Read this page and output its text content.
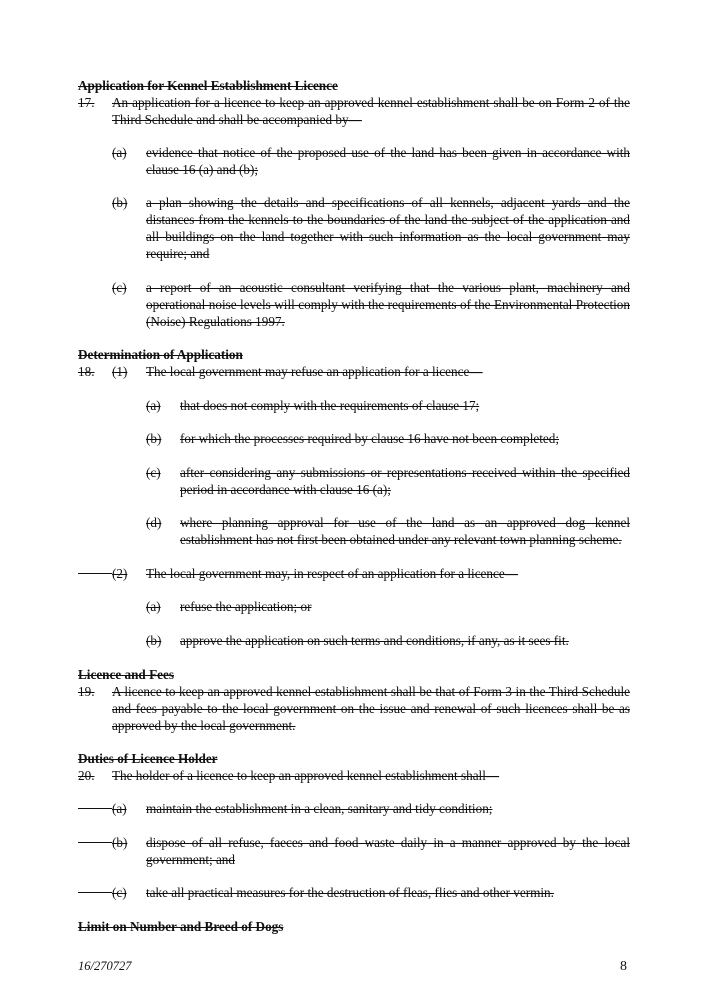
Application for Kennel Establishment Licence
17. An application for a licence to keep an approved kennel establishment shall be on Form 2 of the Third Schedule and shall be accompanied by—
(a) evidence that notice of the proposed use of the land has been given in accordance with clause 16 (a) and (b);
(b) a plan showing the details and specifications of all kennels, adjacent yards and the distances from the kennels to the boundaries of the land the subject of the application and all buildings on the land together with such information as the local government may require; and
(c) a report of an acoustic consultant verifying that the various plant, machinery and operational noise levels will comply with the requirements of the Environmental Protection (Noise) Regulations 1997.
Determination of Application
18. (1) The local government may refuse an application for a licence—
(a) that does not comply with the requirements of clause 17;
(b) for which the processes required by clause 16 have not been completed;
(c) after considering any submissions or representations received within the specified period in accordance with clause 16 (a);
(d) where planning approval for use of the land as an approved dog kennel establishment has not first been obtained under any relevant town planning scheme.
(2) The local government may, in respect of an application for a licence—
(a) refuse the application; or
(b) approve the application on such terms and conditions, if any, as it sees fit.
Licence and Fees
19. A licence to keep an approved kennel establishment shall be that of Form 3 in the Third Schedule and fees payable to the local government on the issue and renewal of such licences shall be as approved by the local government.
Duties of Licence Holder
20. The holder of a licence to keep an approved kennel establishment shall—
(a) maintain the establishment in a clean, sanitary and tidy condition;
(b) dispose of all refuse, faeces and food waste daily in a manner approved by the local government; and
(c) take all practical measures for the destruction of fleas, flies and other vermin.
Limit on Number and Breed of Dogs
16/270727	8
